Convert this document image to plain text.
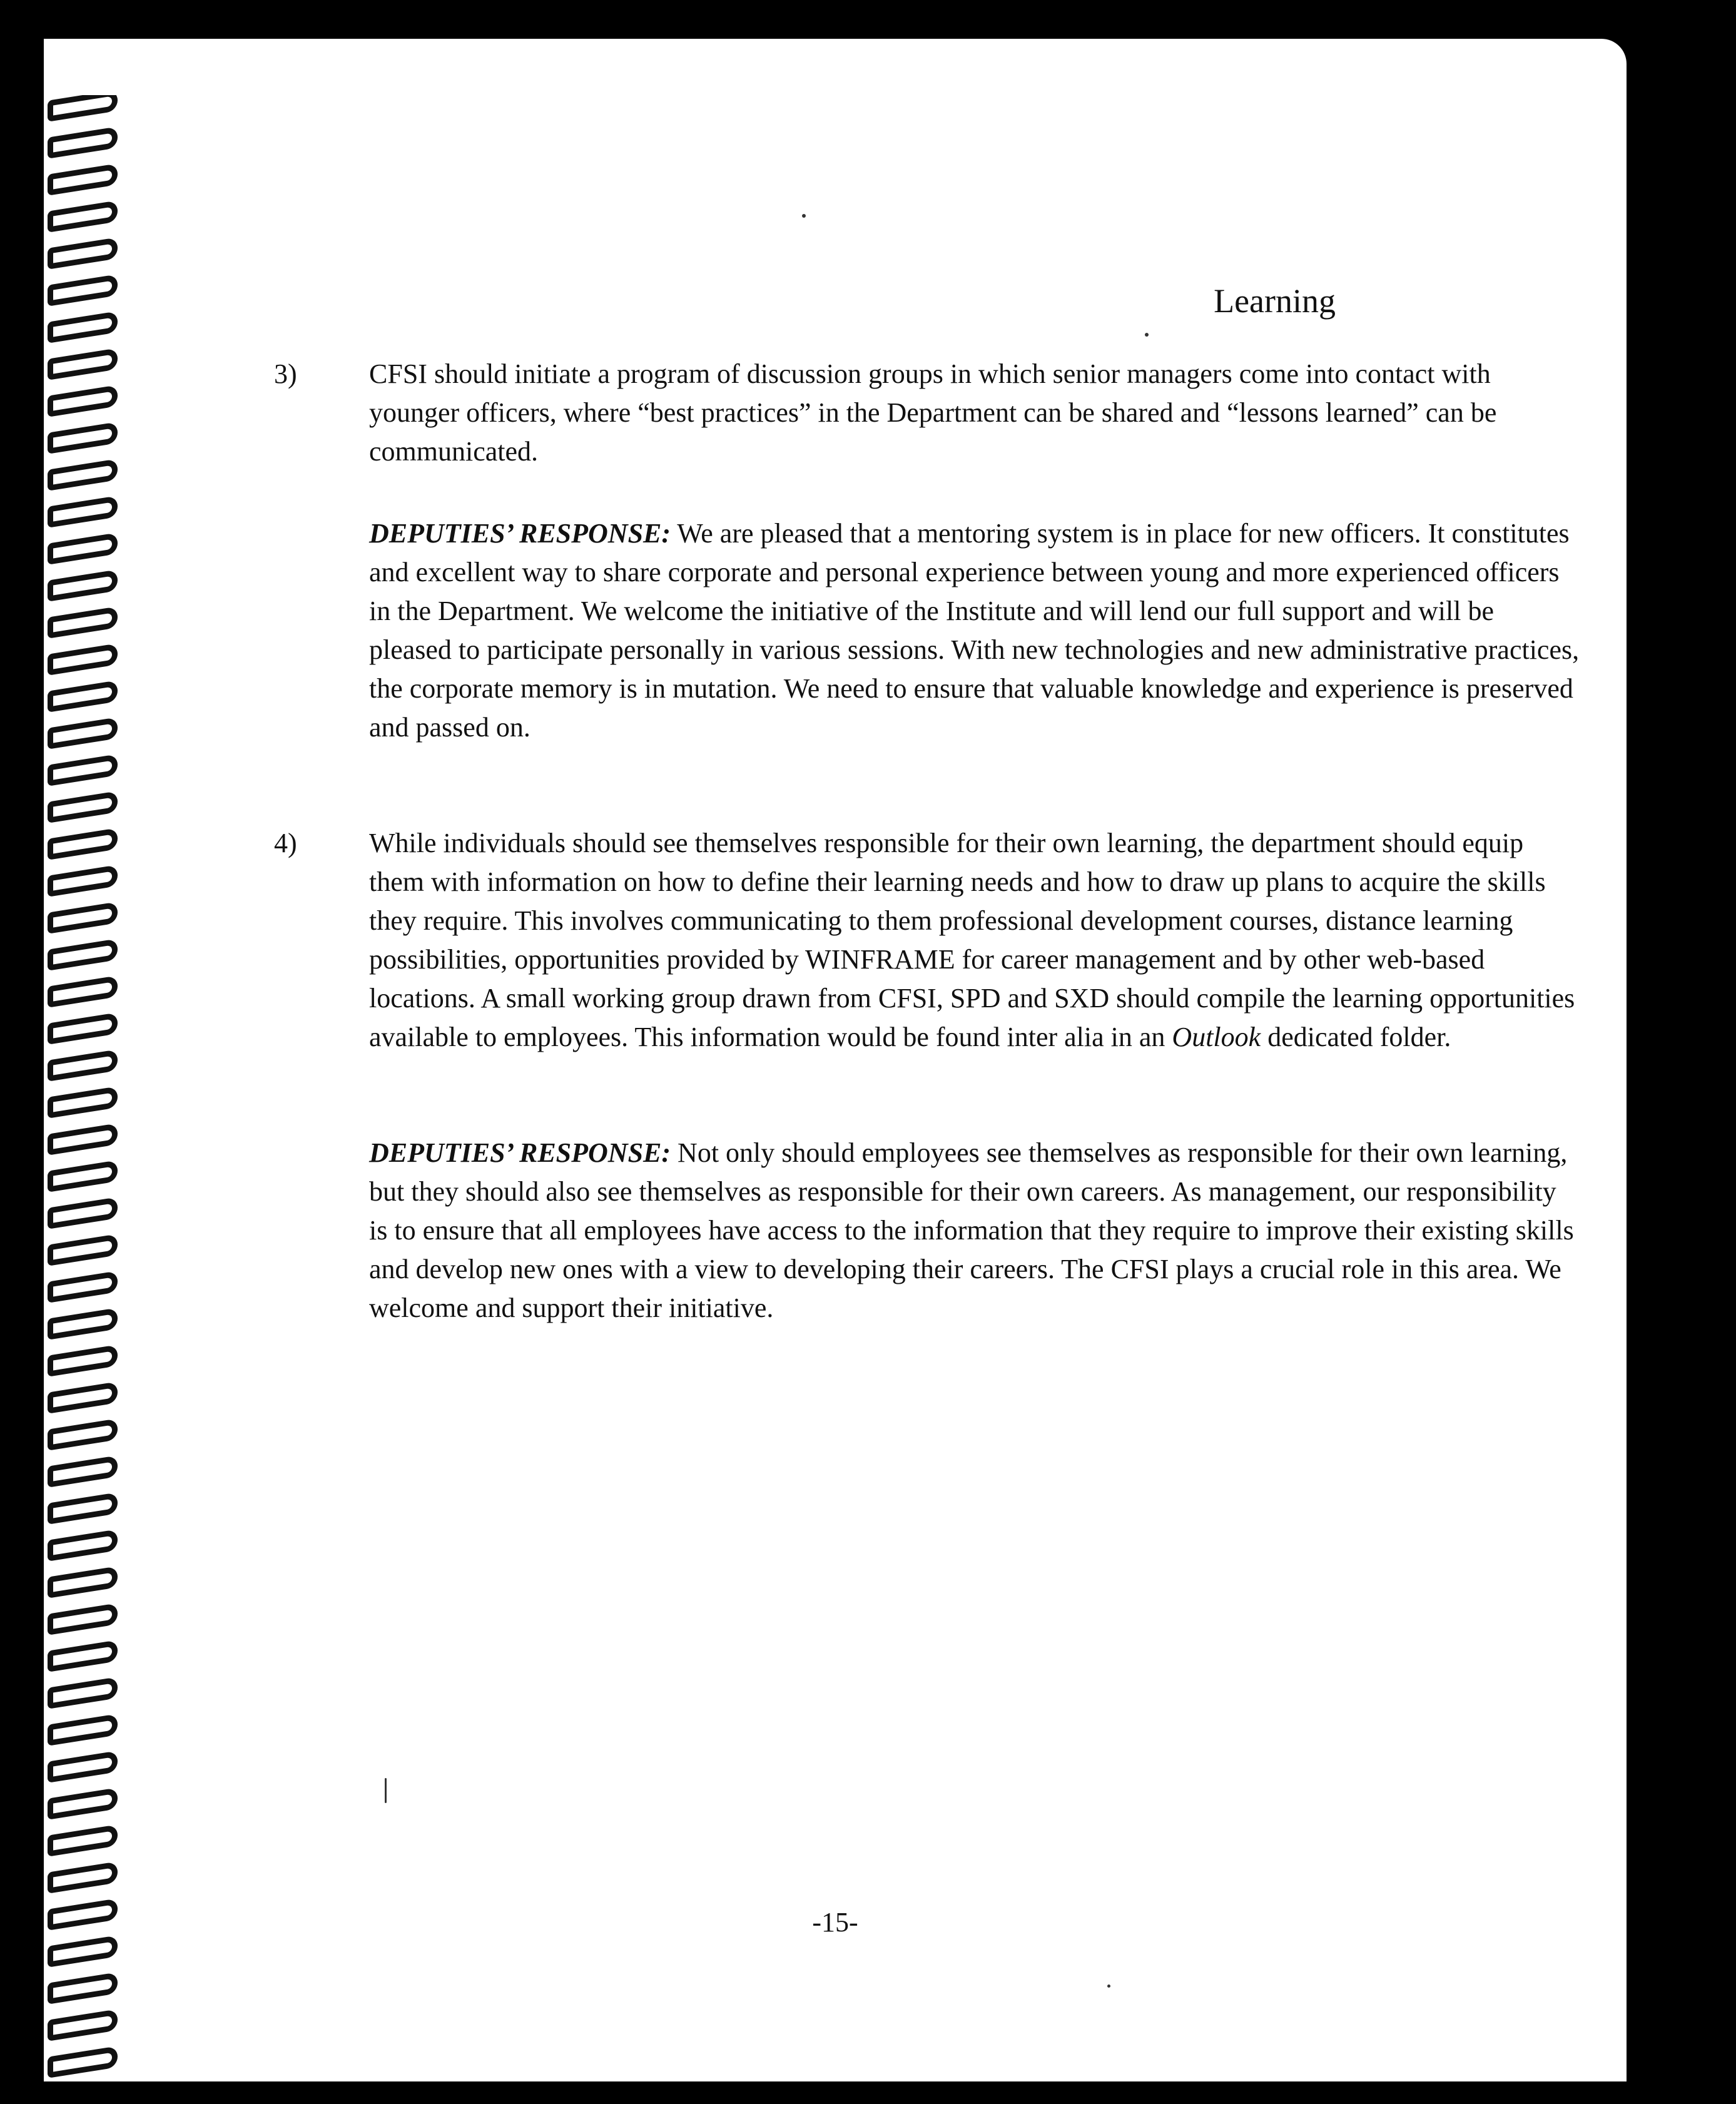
Learning
3)	CFSI should initiate a program of discussion groups in which senior managers come into contact with younger officers, where “best practices” in the Department can be shared and “lessons learned” can be communicated.
DEPUTIES’ RESPONSE: We are pleased that a mentoring system is in place for new officers. It constitutes and excellent way to share corporate and personal experience between young and more experienced officers in the Department. We welcome the initiative of the Institute and will lend our full support and will be pleased to participate personally in various sessions. With new technologies and new administrative practices, the corporate memory is in mutation. We need to ensure that valuable knowledge and experience is preserved and passed on.
4)	While individuals should see themselves responsible for their own learning, the department should equip them with information on how to define their learning needs and how to draw up plans to acquire the skills they require. This involves communicating to them professional development courses, distance learning possibilities, opportunities provided by WINFRAME for career management and by other web-based locations. A small working group drawn from CFSI, SPD and SXD should compile the learning opportunities available to employees. This information would be found inter alia in an Outlook dedicated folder.
DEPUTIES’ RESPONSE: Not only should employees see themselves as responsible for their own learning, but they should also see themselves as responsible for their own careers. As management, our responsibility is to ensure that all employees have access to the information that they require to improve their existing skills and develop new ones with a view to developing their careers. The CFSI plays a crucial role in this area. We welcome and support their initiative.
-15-
